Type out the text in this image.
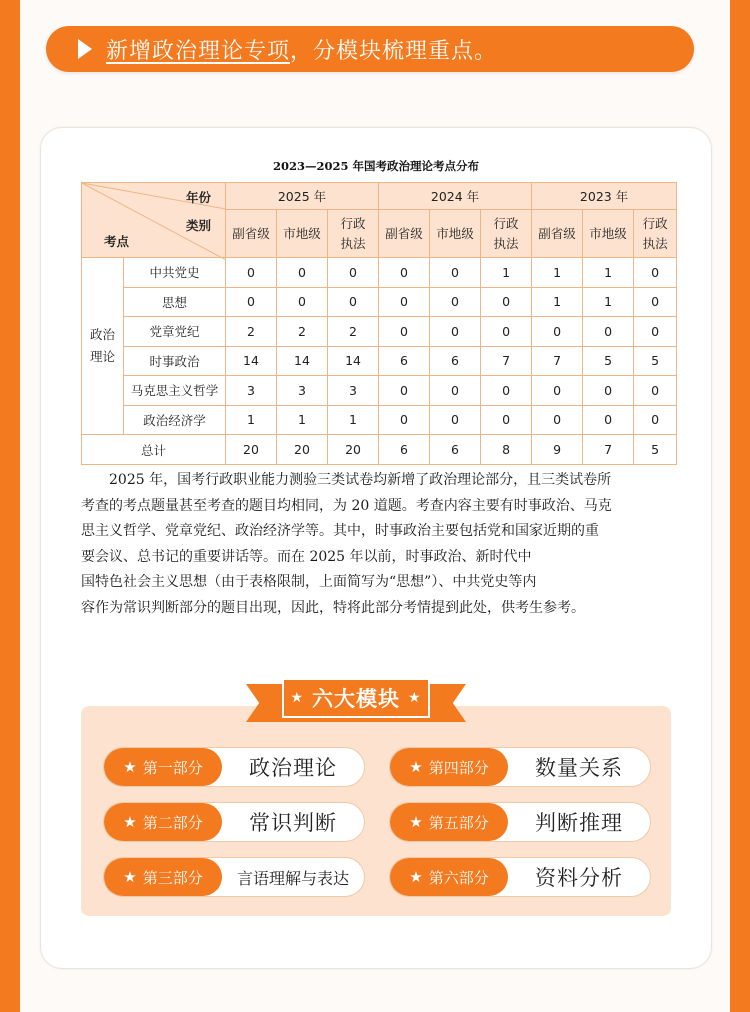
新增政治理论专项，分模块梳理重点。
2023—2025 年国考政治理论考点分布
年份
类别
考点		2025 年			2024 年			2023 年		
		副省级	市地级	行政执法	副省级	市地级	行政执法	副省级	市地级	行政执法
政治理论	中共党史	0	0	0	0	0	1	1	1	0
	思想	0	0	0	0	0	0	1	1	0
	党章党纪	2	2	2	0	0	0	0	0	0
	时事政治	14	14	14	6	6	7	7	5	5
	马克思主义哲学	3	3	3	0	0	0	0	0	0
	政治经济学	1	1	1	0	0	0	0	0	0
总计		20	20	20	6	6	8	9	7	5

2025 年，国考行政职业能力测验三类试卷均新增了政治理论部分，且三类试卷所

考查的考点题量甚至考查的题目均相同，为 20 道题。考查内容主要有时事政治、马克
思主义哲学、党章党纪、政治经济学等。其中，时事政治主要包括党和国家近期的重
要会议、总书记的重要讲话等。而在 2025 年以前，时事政治、新时代中
国特色社会主义思想（由于表格限制，上面简写为“思想”）、中共党史等内
容作为常识判断部分的题目出现，因此，特将此部分考情提到此处，供考生参考。
★ 六大模块 ★
★ 第一部分	政治理论	★ 第四部分	数量关系
★ 第二部分	常识判断	★ 第五部分	判断推理
★ 第三部分	言语理解与表达	★ 第六部分	资料分析
